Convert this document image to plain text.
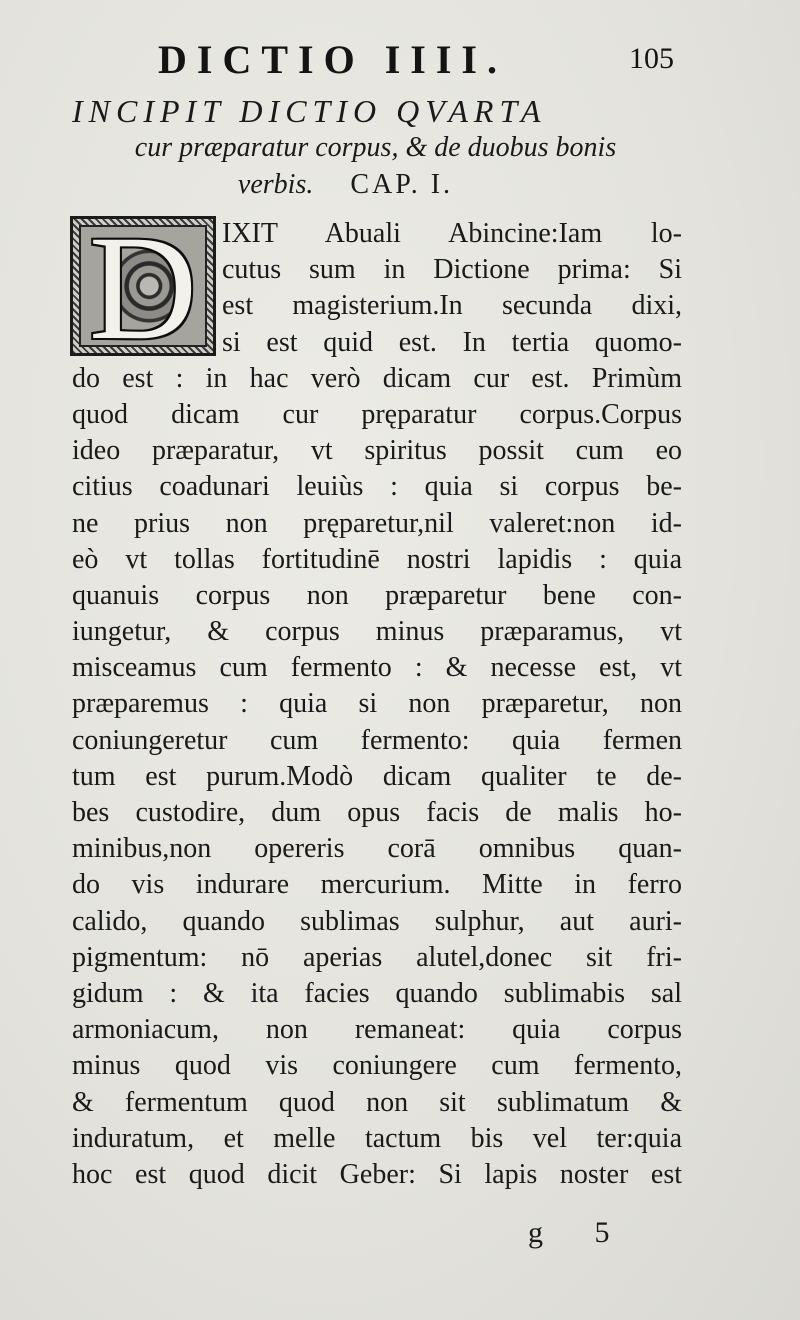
DICTIO IIII.	105
INCIPIT DICTIO QVARTA
cur præparatur corpus, & de duobus bonis
verbis. CAP. I.
D IXIT Abuali Abincine:Iam lo-
cutus sum in Dictione prima: Si
est magisterium.In secunda dixi,
si est quid est. In tertia quomo-
do est : in hac verò dicam cur est. Primùm
quod dicam cur pręparatur corpus.Corpus
ideo præparatur, vt spiritus possit cum eo
citius coadunari leuiùs : quia si corpus be-
ne prius non pręparetur,nil valeret:non id-
eò vt tollas fortitudinē nostri lapidis : quia
quanuis corpus non præparetur bene con-
iungetur, & corpus minus præparamus, vt
misceamus cum fermento : & necesse est, vt
præparemus : quia si non præparetur, non
coniungeretur cum fermento: quia fermen
tum est purum.Modò dicam qualiter te de-
bes custodire, dum opus facis de malis ho-
minibus,non opereris corā omnibus quan-
do vis indurare mercurium. Mitte in ferro
calido, quando sublimas sulphur, aut auri-
pigmentum: nō aperias alutel,donec sit fri-
gidum : & ita facies quando sublimabis sal
armoniacum, non remaneat: quia corpus
minus quod vis coniungere cum fermento,
& fermentum quod non sit sublimatum &
induratum, et melle tactum bis vel ter:quia
hoc est quod dicit Geber: Si lapis noster est
g 5
